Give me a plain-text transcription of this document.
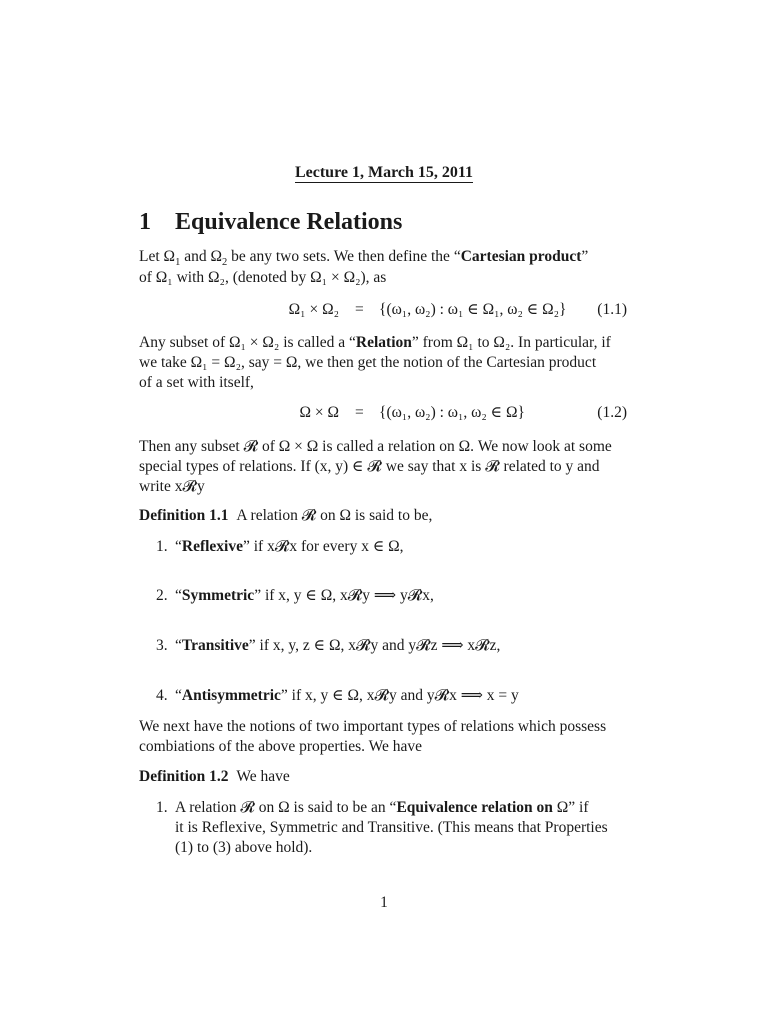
Lecture 1, March 15, 2011
1 Equivalence Relations
Let $\Omega_1$ and $\Omega_2$ be any two sets. We then define the “Cartesian product”
of Ω₁ with Ω₂, (denoted by Ω₁ × Ω₂), as
Ω₁ × Ω₂ = {(ω₁, ω₂) : ω₁ ∈ Ω₁, ω₂ ∈ Ω₂} (1.1)
Any subset of Ω₁ × Ω₂ is called a “Relation” from Ω₁ to Ω₂. In particular, if
we take Ω₁ = Ω₂, say = Ω, we then get the notion of the Cartesian product
of a set with itself,
Ω × Ω = {(ω₁, ω₂) : ω₁, ω₂ ∈ Ω}	(1.2)
Then any subset 𝓡 of Ω × Ω is called a relation on Ω. We now look at some
special types of relations. If (x, y) ∈ 𝓡 we say that x is 𝓡 related to y and
write x𝓡y
Definition 1.1 A relation 𝓡 on Ω is said to be,
1. “Reflexive” if x𝓡x for every x ∈ Ω,
2. “Symmetric” if x, y ∈ Ω, x𝓡y ⟹ y𝓡x,
3. “Transitive” if x, y, z ∈ Ω, x𝓡y and y𝓡z ⟹ x𝓡z,
4. “Antisymmetric” if x, y ∈ Ω, x𝓡y and y𝓡x ⟹ x = y
We next have the notions of two important types of relations which possess
combiations of the above properties. We have
Definition 1.2 We have
1. A relation 𝓡 on Ω is said to be an “Equivalence relation on Ω” if
it is Reflexive, Symmetric and Transitive. (This means that Properties
(1) to (3) above hold).
1
